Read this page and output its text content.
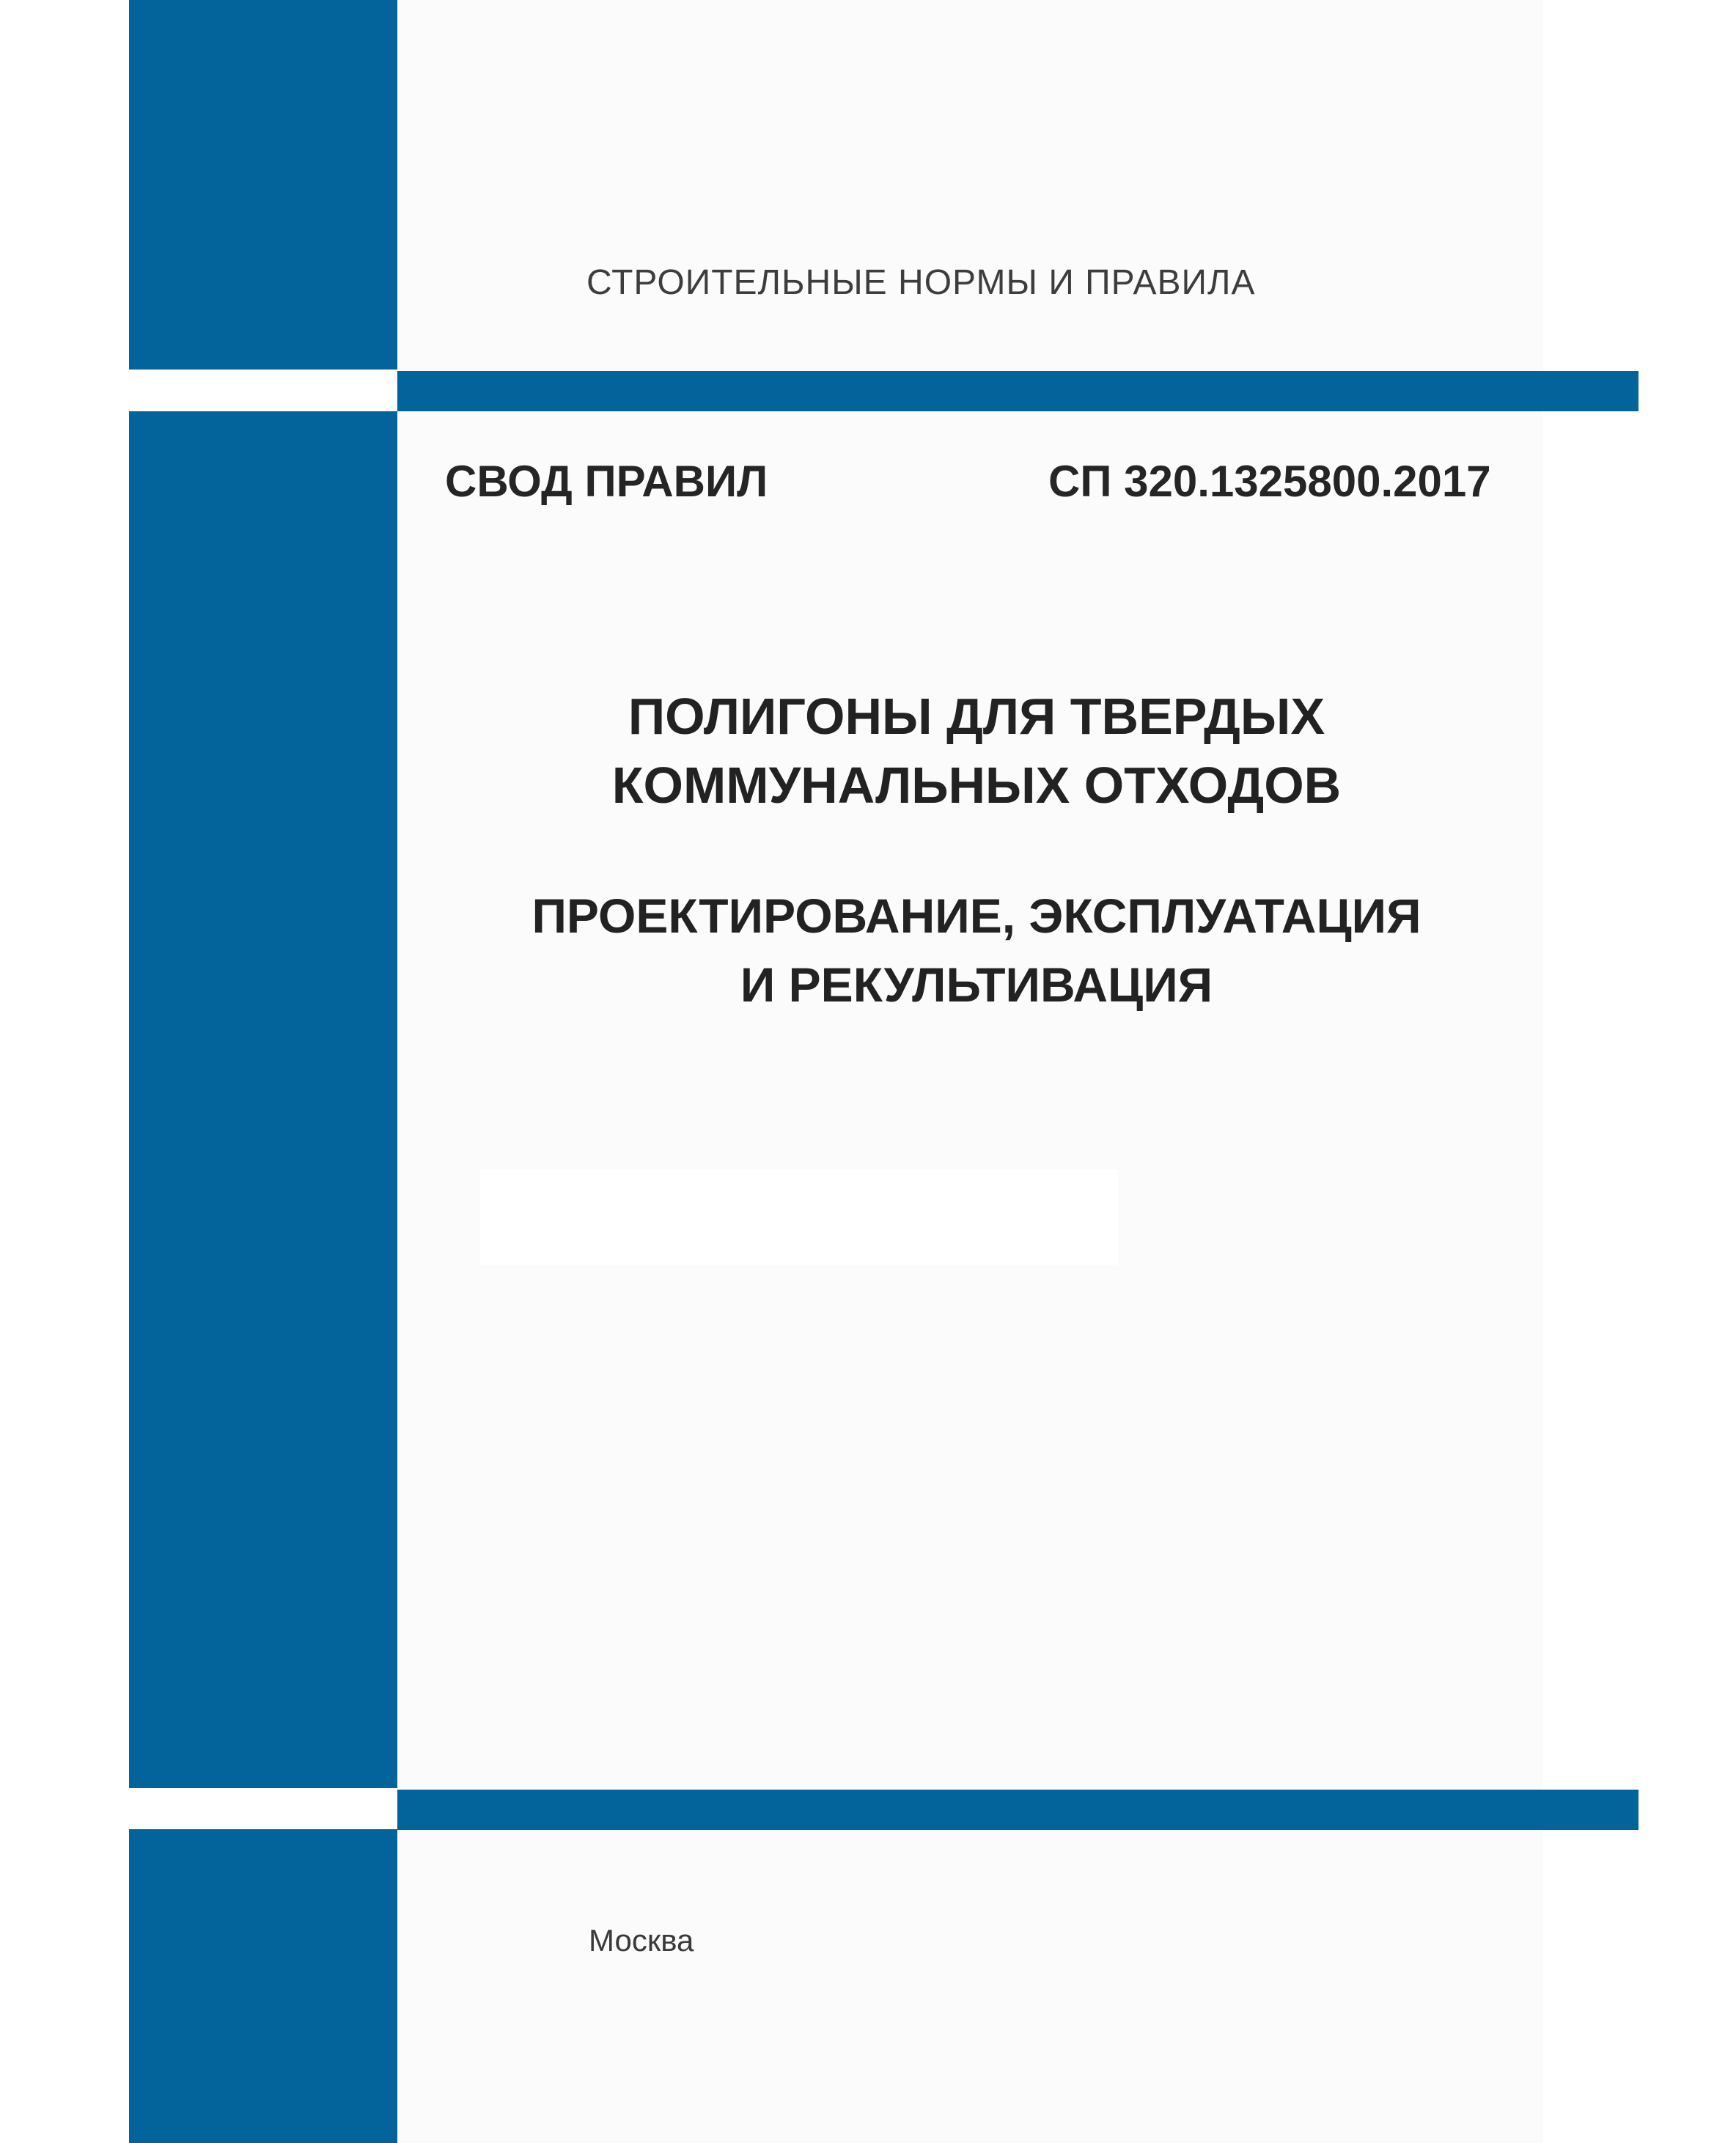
СТРОИТЕЛЬНЫЕ НОРМЫ И ПРАВИЛА
СВОД ПРАВИЛ	СП 320.1325800.2017
ПОЛИГОНЫ ДЛЯ ТВЕРДЫХ
КОММУНАЛЬНЫХ ОТХОДОВ
ПРОЕКТИРОВАНИЕ, ЭКСПЛУАТАЦИЯ
И РЕКУЛЬТИВАЦИЯ
Москва
